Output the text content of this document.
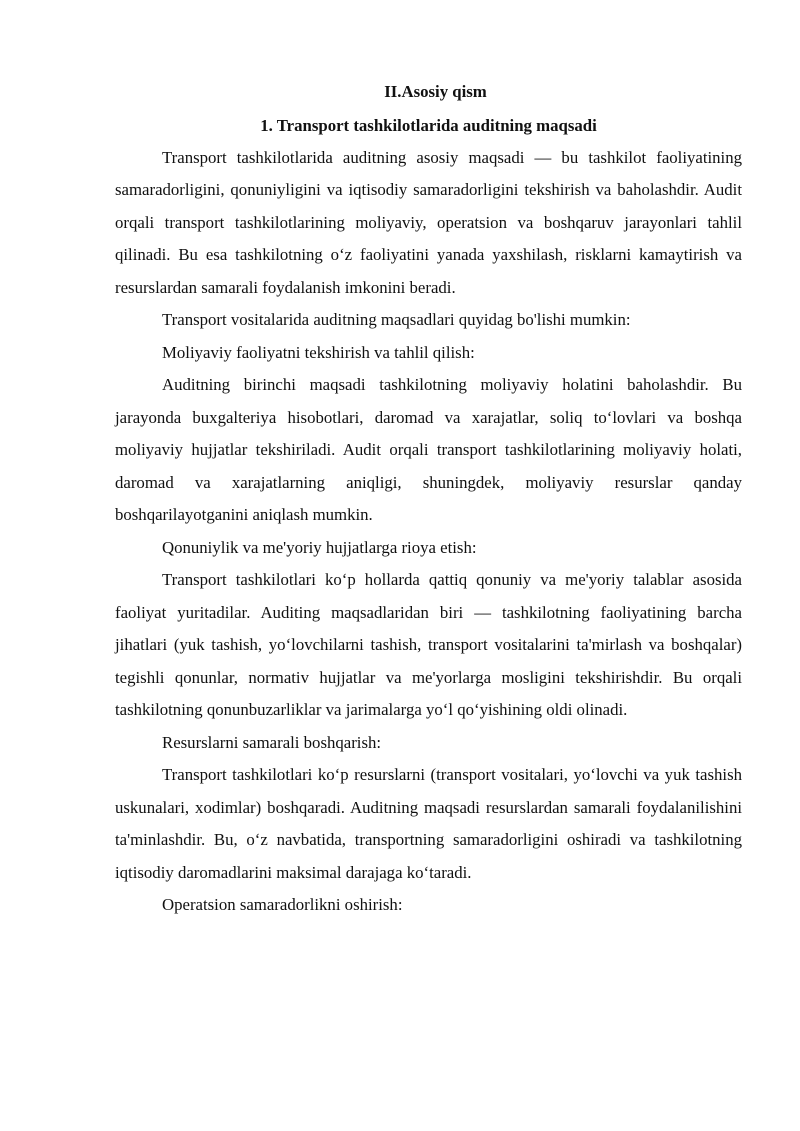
II.Asosiy qism

1. Transport tashkilotlarida auditning maqsadi

Transport tashkilotlarida auditning asosiy maqsadi — bu tashkilot faoliyatining samaradorligini, qonuniyligini va iqtisodiy samaradorligini tekshirish va baholashdir. Audit orqali transport tashkilotlarining moliyaviy, operatsion va boshqaruv jarayonlari tahlil qilinadi. Bu esa tashkilotning oʻz faoliyatini yanada yaxshilash, risklarni kamaytirish va resurslardan samarali foydalanish imkonini beradi.

Transport vositalarida auditning maqsadlari quyidag bo'lishi mumkin:

Moliyaviy faoliyatni tekshirish va tahlil qilish:

Auditning birinchi maqsadi tashkilotning moliyaviy holatini baholashdir. Bu jarayonda buxgalteriya hisobotlari, daromad va xarajatlar, soliq toʻlovlari va boshqa moliyaviy hujjatlar tekshiriladi. Audit orqali transport tashkilotlarining moliyaviy holati, daromad va xarajatlarning aniqligi, shuningdek, moliyaviy resurslar qanday boshqarilayotganini aniqlash mumkin.

Qonuniylik va me'yoriy hujjatlarga rioya etish:

Transport tashkilotlari koʻp hollarda qattiq qonuniy va me'yoriy talablar asosida faoliyat yuritadilar. Auditing maqsadlaridan biri — tashkilotning faoliyatining barcha jihatlari (yuk tashish, yoʻlovchilarni tashish, transport vositalarini ta'mirlash va boshqalar) tegishli qonunlar, normativ hujjatlar va me'yorlarga mosligini tekshirishdir. Bu orqali tashkilotning qonunbuzarliklar va jarimalarga yoʻl qoʻyishining oldi olinadi.

Resurslarni samarali boshqarish:

Transport tashkilotlari koʻp resurslarni (transport vositalari, yoʻlovchi va yuk tashish uskunalari, xodimlar) boshqaradi. Auditning maqsadi resurslardan samarali foydalanilishini ta'minlashdir. Bu, oʻz navbatida, transportning samaradorligini oshiradi va tashkilotning iqtisodiy daromadlarini maksimal darajaga koʻtaradi.

Operatsion samaradorlikni oshirish:
